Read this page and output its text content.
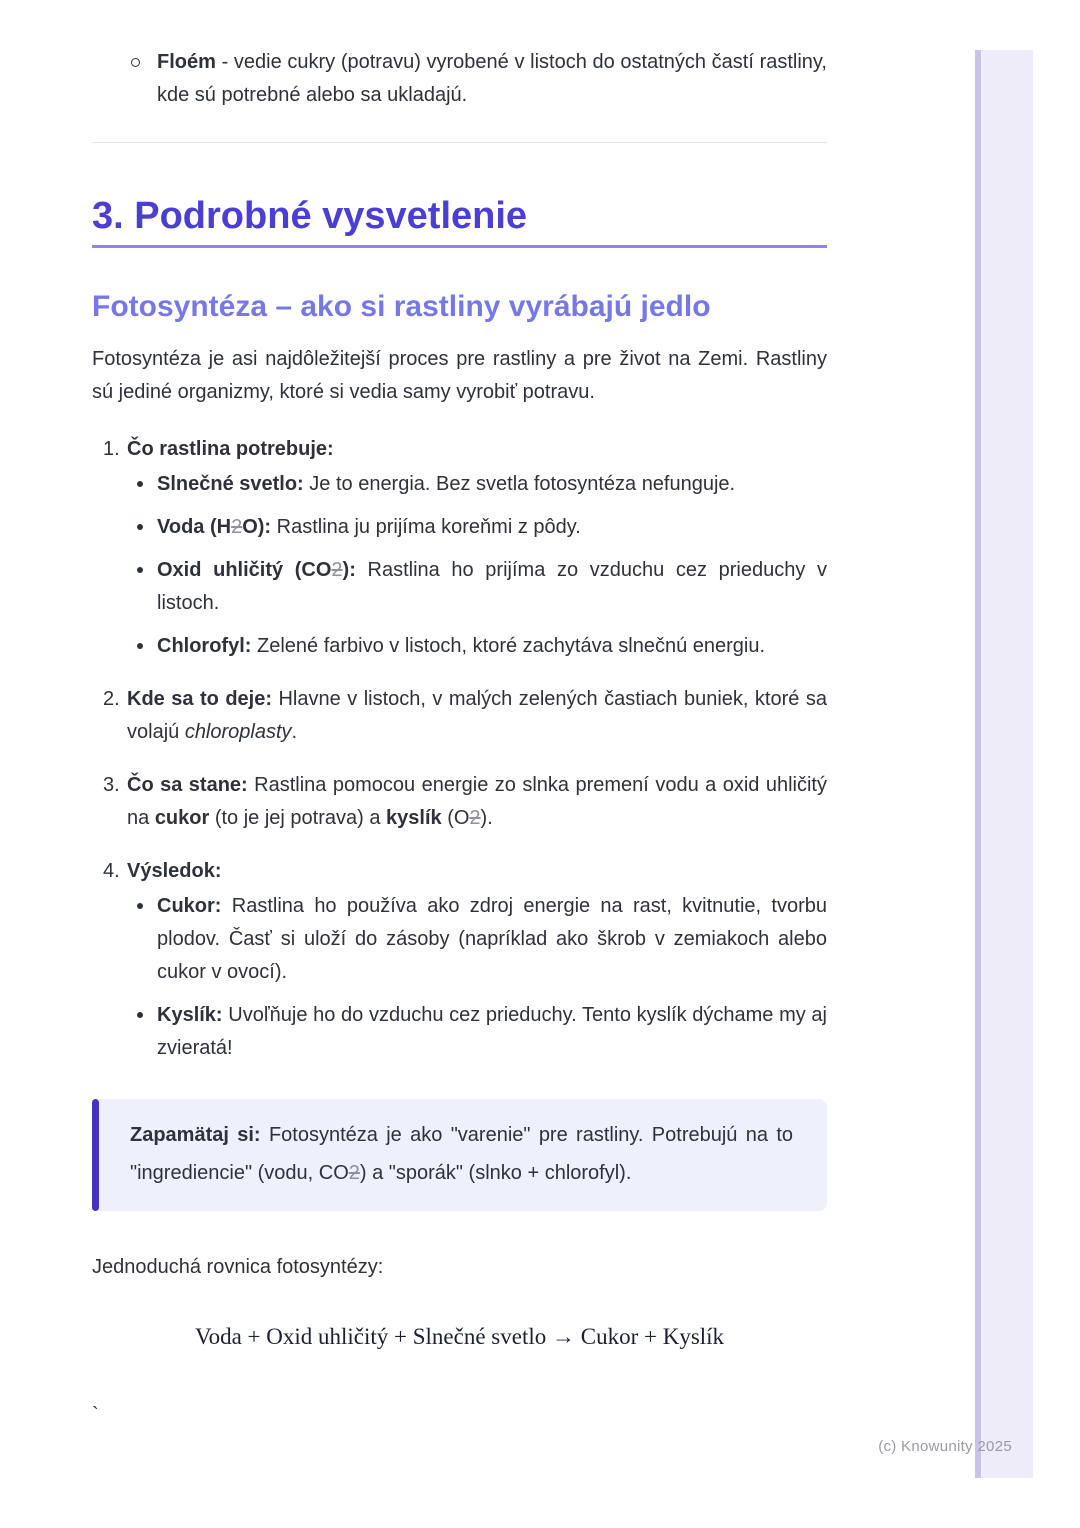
Floém - vedie cukry (potravu) vyrobené v listoch do ostatných častí rastliny, kde sú potrebné alebo sa ukladajú.
3. Podrobné vysvetlenie
Fotosyntéza – ako si rastliny vyrábajú jedlo

Fotosyntéza je asi najdôležitejší proces pre rastliny a pre život na Zemi. Rastliny sú jediné organizmy, ktoré si vedia samy vyrobiť potravu.

1. Čo rastlina potrebuje:
Slnečné svetlo: Je to energia. Bez svetla fotosyntéza nefunguje.
Voda (H2O): Rastlina ju prijíma koreňmi z pôdy.
Oxid uhličitý (CO2): Rastlina ho prijíma zo vzduchu cez prieduchy v listoch.
Chlorofyl: Zelené farbivo v listoch, ktoré zachytáva slnečnú energiu.
2. Kde sa to deje: Hlavne v listoch, v malých zelených častiach buniek, ktoré sa volajú chloroplasty.
3. Čo sa stane: Rastlina pomocou energie zo slnka premení vodu a oxid uhličitý na cukor (to je jej potrava) a kyslík (O2).
4. Výsledok:
Cukor: Rastlina ho používa ako zdroj energie na rast, kvitnutie, tvorbu plodov. Časť si uloží do zásoby (napríklad ako škrob v zemiakoch alebo cukor v ovocí).
Kyslík: Uvoľňuje ho do vzduchu cez prieduchy. Tento kyslík dýchame my aj zvieratá!

Zapamätaj si: Fotosyntéza je ako "varenie" pre rastliny. Potrebujú na to "ingrediencie" (vodu, CO2) a "sporák" (slnko + chlorofyl).

Jednoduchá rovnica fotosyntézy:

Voda + Oxid uhličitý + Slnečné svetlo → Cukor + Kyslík
`
(c) Knowunity 2025
